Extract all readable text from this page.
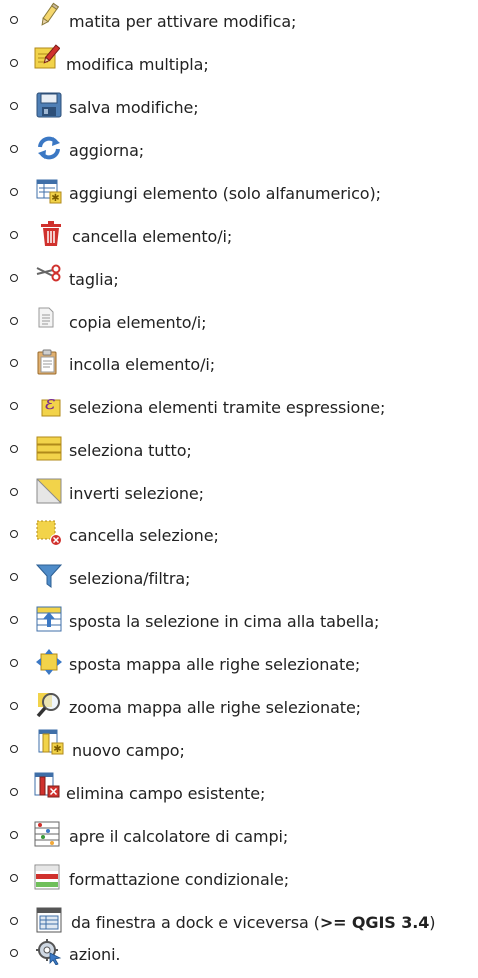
matita per attivare modifica;
modifica multipla;
salva modifiche;
aggiorna;
✱ aggiungi elemento (solo alfanumerico);
cancella elemento/i;
taglia;
copia elemento/i;
incolla elemento/i;
ε seleziona elementi tramite espressione;
seleziona tutto;
inverti selezione;
cancella selezione;
seleziona/filtra;
sposta la selezione in cima alla tabella;
sposta mappa alle righe selezionate;
zooma mappa alle righe selezionate;
✱ nuovo campo;
elimina campo esistente;
apre il calcolatore di campi;
formattazione condizionale;
da finestra a dock e viceversa (>= QGIS 3.4)
azioni.
